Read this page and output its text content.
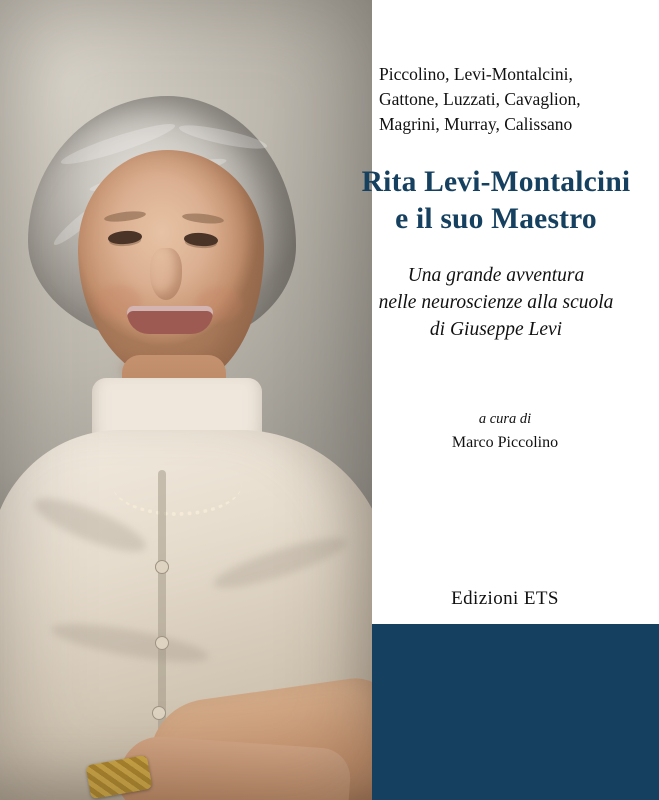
Piccolino, Levi-Montalcini,
Gattone, Luzzati, Cavaglion,
Magrini, Murray, Calissano
Rita Levi-Montalcini
e il suo Maestro
Una grande avventura
nelle neuroscienze alla scuola
di Giuseppe Levi
a cura di
Marco Piccolino
Edizioni ETS
